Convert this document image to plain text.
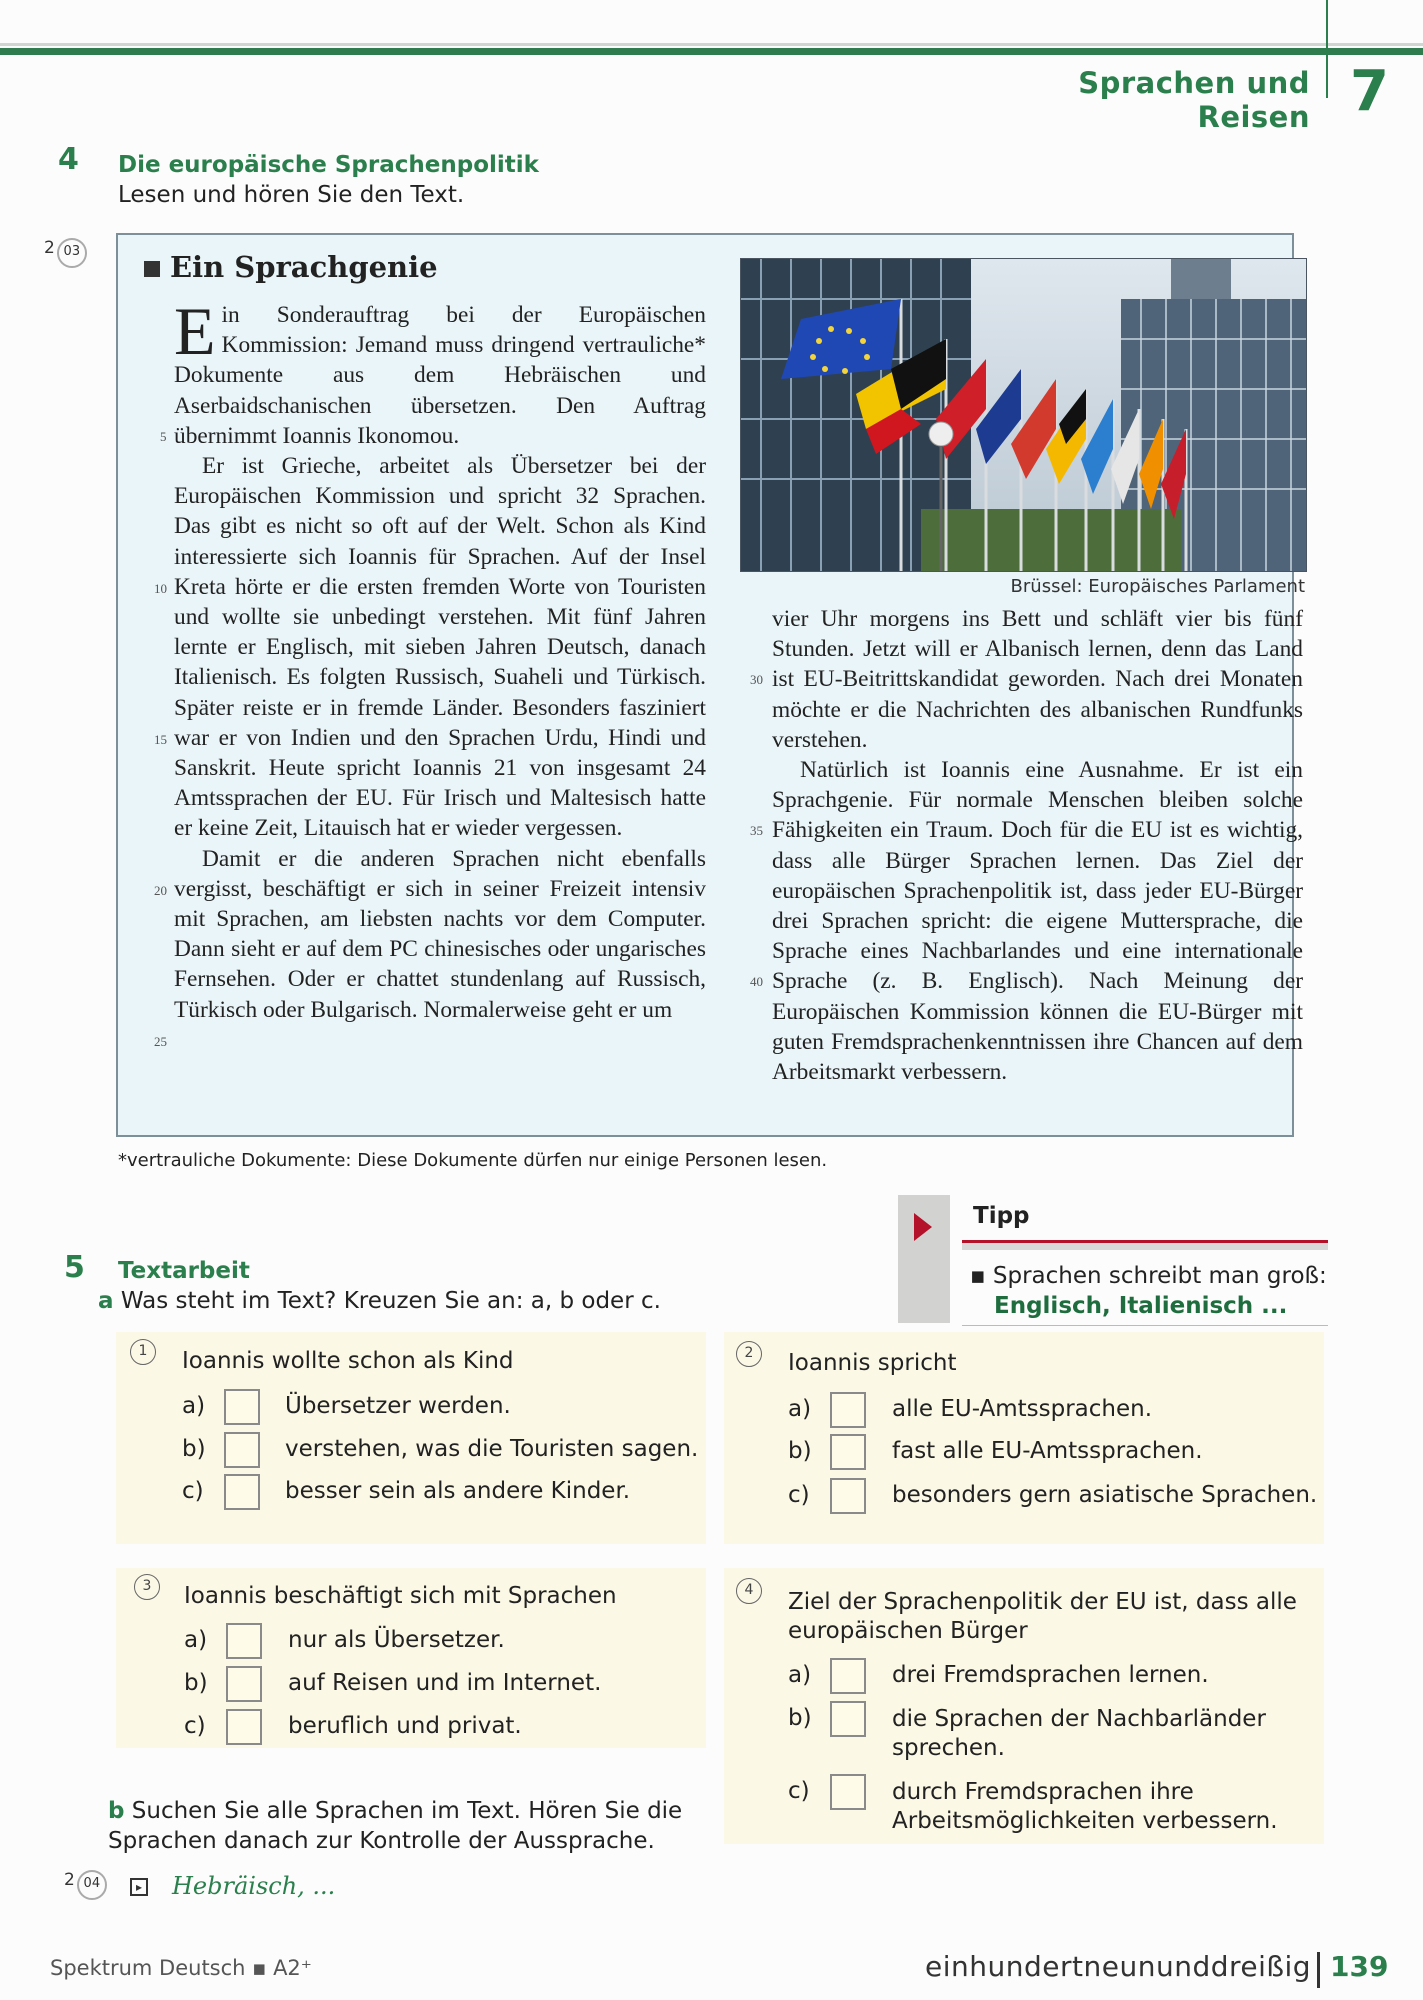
Sprachen und Reisen 7
4 Die europäische Sprachenpolitik
Lesen und hören Sie den Text.
2 03	Ein Sprachgenie

Ein Sonderauftrag bei der Europäischen Kommission: Jemand muss dringend vertrauliche* Dokumente aus dem Hebräischen und Aserbaidschanischen übersetzen. Den Auftrag übernimmt Ioannis Ikonomou.

Er ist Grieche, arbeitet als Übersetzer bei der Europäischen Kommission und spricht 32 Sprachen. Das gibt es nicht so oft auf der Welt. Schon als Kind interessierte sich Ioannis für Sprachen. Auf der Insel Kreta hörte er die ersten fremden Worte von Touristen und wollte sie unbedingt verstehen. Mit fünf Jahren lernte er Englisch, mit sieben Jahren Deutsch, danach Italienisch. Es folgten Russisch, Suaheli und Türkisch. Später reiste er in fremde Länder. Besonders fasziniert war er von Indien und den Sprachen Urdu, Hindi und Sanskrit. Heute spricht Ioannis 21 von insgesamt 24 Amtssprachen der EU. Für Irisch und Maltesisch hatte er keine Zeit, Litauisch hat er wieder vergessen.

Damit er die anderen Sprachen nicht ebenfalls vergisst, beschäftigt er sich in seiner Freizeit intensiv mit Sprachen, am liebsten nachts vor dem Computer. Dann sieht er auf dem PC chinesisches oder ungarisches Fernsehen. Oder er chattet stundenlang auf Russisch, Türkisch oder Bulgarisch. Normalerweise geht er um

vier Uhr morgens ins Bett und schläft vier bis fünf Stunden. Jetzt will er Albanisch lernen, denn das Land ist EU-Beitrittskandidat geworden. Nach drei Monaten möchte er die Nachrichten des albanischen Rundfunks verstehen.

Natürlich ist Ioannis eine Ausnahme. Er ist ein Sprachgenie. Für normale Menschen bleiben solche Fähigkeiten ein Traum. Doch für die EU ist es wichtig, dass alle Bürger Sprachen lernen. Das Ziel der europäischen Sprachenpolitik ist, dass jeder EU-Bürger drei Sprachen spricht: die eigene Muttersprache, die Sprache eines Nachbarlandes und eine internationale Sprache (z. B. Englisch). Nach Meinung der Europäischen Kommission können die EU-Bürger mit guten Fremdsprachenkenntnissen ihre Chancen auf dem Arbeitsmarkt verbessern.

5
10
15
20
25
30
35
40
Brüssel: Europäisches Parlament
*vertrauliche Dokumente: Diese Dokumente dürfen nur einige Personen lesen.
Tipp
▪ Sprachen schreibt man groß:
Englisch, Italienisch ...
5 Textarbeit
a Was steht im Text? Kreuzen Sie an: a, b oder c.
1	Ioannis wollte schon als Kind
a)	Übersetzer werden.
b)	verstehen, was die Touristen sagen.
c)	besser sein als andere Kinder.
2	Ioannis spricht
a)	alle EU-Amtssprachen.
b)	fast alle EU-Amtssprachen.
c)	besonders gern asiatische Sprachen.
3	Ioannis beschäftigt sich mit Sprachen
a)	nur als Übersetzer.
b)	auf Reisen und im Internet.
c)	beruflich und privat.
4	Ziel der Sprachenpolitik der EU ist, dass alle europäischen Bürger
a)	drei Fremdsprachen lernen.
b)	die Sprachen der Nachbarländer sprechen.
c)	durch Fremdsprachen ihre Arbeitsmöglichkeiten verbessern.
b Suchen Sie alle Sprachen im Text. Hören Sie die Sprachen danach zur Kontrolle der Aussprache.
2 04	▸ Hebräisch, ...
Spektrum Deutsch ▪ A2⁺	einhundertneununddreißig 139
